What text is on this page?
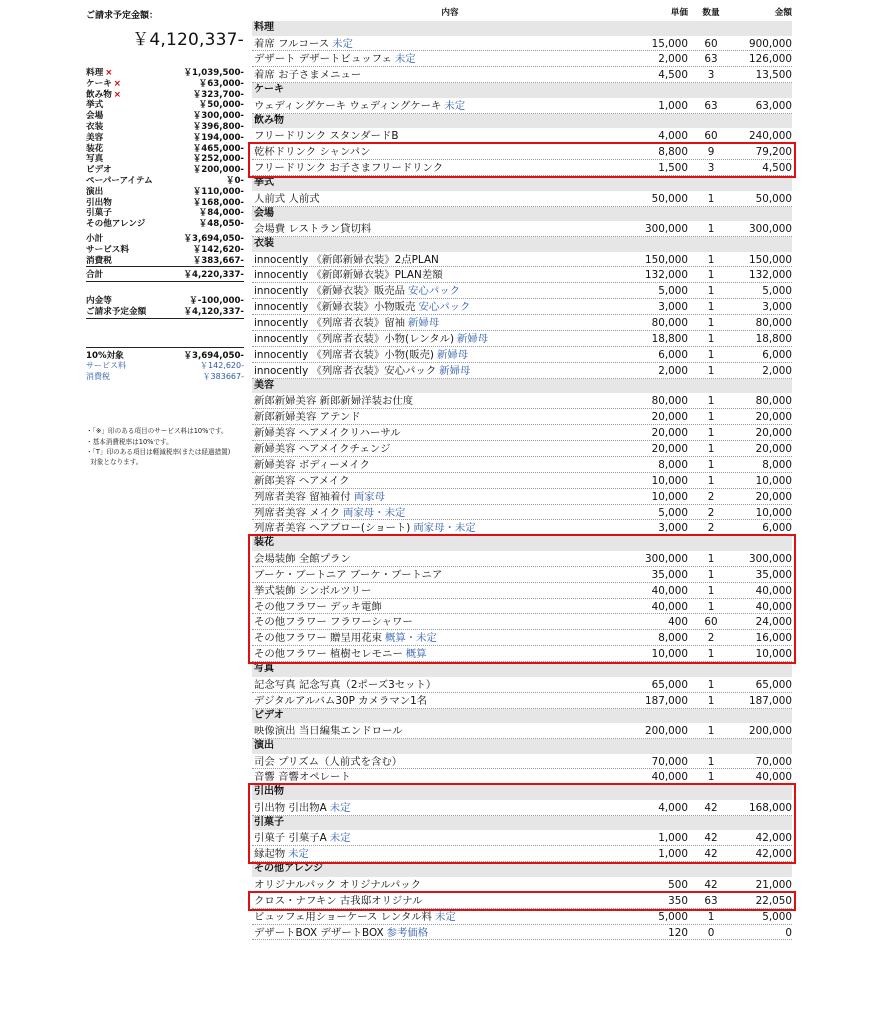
ご請求予定金額：
￥4,120,337-
料理 ×	￥1,039,500-
ケーキ ×	￥63,000-
飲み物 ×	￥323,700-
挙式	￥50,000-
会場	￥300,000-
衣装	￥396,800-
美容	￥194,000-
装花	￥465,000-
写真	￥252,000-
ビデオ	￥200,000-
ペーパーアイテム	￥0-
演出	￥110,000-
引出物	￥168,000-
引菓子	￥84,000-
その他アレンジ	￥48,050-
小計	￥3,694,050-
サービス料	￥142,620-
消費税	￥383,667-
合計	￥4,220,337-
内金等	￥-100,000-
ご請求予定金額	￥4,120,337-
10%対象	￥3,694,050-
サービス料	￥142,620-
消費税	￥383667-
・「※」印のある項目のサービス料は10%です。
・基本消費税率は10%です。
・「T」印のある項目は軽減税率(または経過措置)
対象となります。
内容	単価	数量	金額
料理
着席 フルコース 未定	15,000	60	900,000
デザート デザートビュッフェ 未定	2,000	63	126,000
着席 お子さまメニュー	4,500	3	13,500
ケーキ
ウェディングケーキ ウェディングケーキ 未定	1,000	63	63,000
飲み物
フリードリンク スタンダードB	4,000	60	240,000
乾杯ドリンク シャンパン	8,800	9	79,200
フリードリンク お子さまフリードリンク	1,500	3	4,500
挙式
人前式 人前式	50,000	1	50,000
会場
会場費 レストラン貸切料	300,000	1	300,000
衣装
innocently 《新郎新婦衣装》2点PLAN	150,000	1	150,000
innocently 《新郎新婦衣装》PLAN差額	132,000	1	132,000
innocently 《新婦衣装》販売品 安心パック	5,000	1	5,000
innocently 《新婦衣装》小物販売 安心パック	3,000	1	3,000
innocently 《列席者衣装》留袖 新婦母	80,000	1	80,000
innocently 《列席者衣装》小物(レンタル) 新婦母	18,800	1	18,800
innocently 《列席者衣装》小物(販売) 新婦母	6,000	1	6,000
innocently 《列席者衣装》安心パック 新婦母	2,000	1	2,000
美容
新郎新婦美容 新郎新婦洋装お仕度	80,000	1	80,000
新郎新婦美容 アテンド	20,000	1	20,000
新婦美容 ヘアメイクリハーサル	20,000	1	20,000
新婦美容 ヘアメイクチェンジ	20,000	1	20,000
新婦美容 ボディーメイク	8,000	1	8,000
新郎美容 ヘアメイク	10,000	1	10,000
列席者美容 留袖着付 両家母	10,000	2	20,000
列席者美容 メイク 両家母・未定	5,000	2	10,000
列席者美容 ヘアブロー(ショート) 両家母・未定	3,000	2	6,000
装花
会場装飾 全館プラン	300,000	1	300,000
ブーケ・ブートニア ブーケ・ブートニア	35,000	1	35,000
挙式装飾 シンボルツリー	40,000	1	40,000
その他フラワー デッキ電飾	40,000	1	40,000
その他フラワー フラワーシャワー	400	60	24,000
その他フラワー 贈呈用花束 概算・未定	8,000	2	16,000
その他フラワー 植樹セレモニー 概算	10,000	1	10,000
写真
記念写真 記念写真（2ポーズ3セット）	65,000	1	65,000
デジタルアルバム30P カメラマン1名	187,000	1	187,000
ビデオ
映像演出 当日編集エンドロール	200,000	1	200,000
演出
司会 プリズム（人前式を含む）	70,000	1	70,000
音響 音響オペレート	40,000	1	40,000
引出物
引出物 引出物A 未定	4,000	42	168,000
引菓子
引菓子 引菓子A 未定	1,000	42	42,000
縁起物 未定	1,000	42	42,000
その他アレンジ
オリジナルパック オリジナルパック	500	42	21,000
クロス・ナフキン 古我邸オリジナル	350	63	22,050
ビュッフェ用ショーケース レンタル料 未定	5,000	1	5,000
デザートBOX デザートBOX 参考価格	120	0	0
